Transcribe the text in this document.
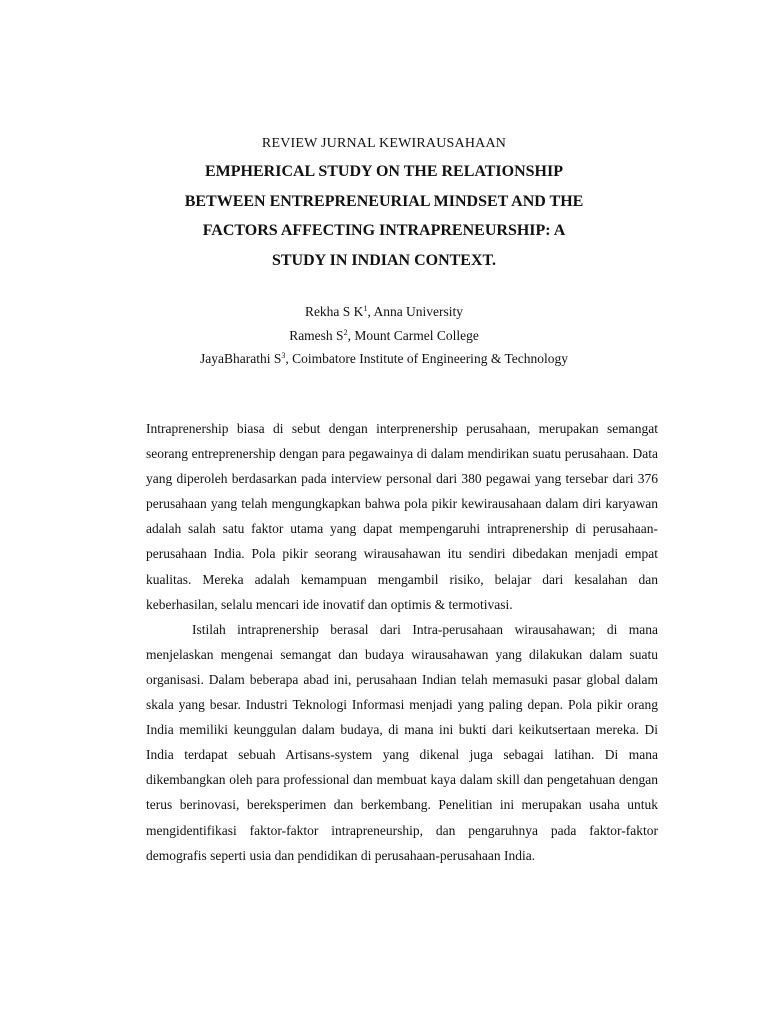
REVIEW JURNAL KEWIRAUSAHAAN

EMPHERICAL STUDY ON THE RELATIONSHIP
BETWEEN ENTREPRENEURIAL MINDSET AND THE
FACTORS AFFECTING INTRAPRENEURSHIP: A
STUDY IN INDIAN CONTEXT.
Rekha S $K^1$, Anna University
Ramesh $S^2$, Mount Carmel College
JayaBharathi $S^3$, Coimbatore Institute of Engineering & Technology

Intraprenership biasa di sebut dengan interprenership perusahaan, merupakan semangat seorang entreprenership dengan para pegawainya di dalam mendirikan suatu perusahaan. Data yang diperoleh berdasarkan pada interview personal dari 380 pegawai yang tersebar dari 376 perusahaan yang telah mengungkapkan bahwa pola pikir kewirausahaan dalam diri karyawan adalah salah satu faktor utama yang dapat mempengaruhi intraprenership di perusahaan-perusahaan India. Pola pikir seorang wirausahawan itu sendiri dibedakan menjadi empat kualitas. Mereka adalah kemampuan mengambil risiko, belajar dari kesalahan dan keberhasilan, selalu mencari ide inovatif dan optimis & termotivasi.

Istilah intraprenership berasal dari Intra-perusahaan wirausahawan; di mana menjelaskan mengenai semangat dan budaya wirausahawan yang dilakukan dalam suatu organisasi. Dalam beberapa abad ini, perusahaan Indian telah memasuki pasar global dalam skala yang besar. Industri Teknologi Informasi menjadi yang paling depan. Pola pikir orang India memiliki keunggulan dalam budaya, di mana ini bukti dari keikutsertaan mereka. Di India terdapat sebuah Artisans-system yang dikenal juga sebagai latihan. Di mana dikembangkan oleh para professional dan membuat kaya dalam skill dan pengetahuan dengan terus berinovasi, bereksperimen dan berkembang. Penelitian ini merupakan usaha untuk mengidentifikasi faktor-faktor intrapreneurship, dan pengaruhnya pada faktor-faktor demografis seperti usia dan pendidikan di perusahaan-perusahaan India.
